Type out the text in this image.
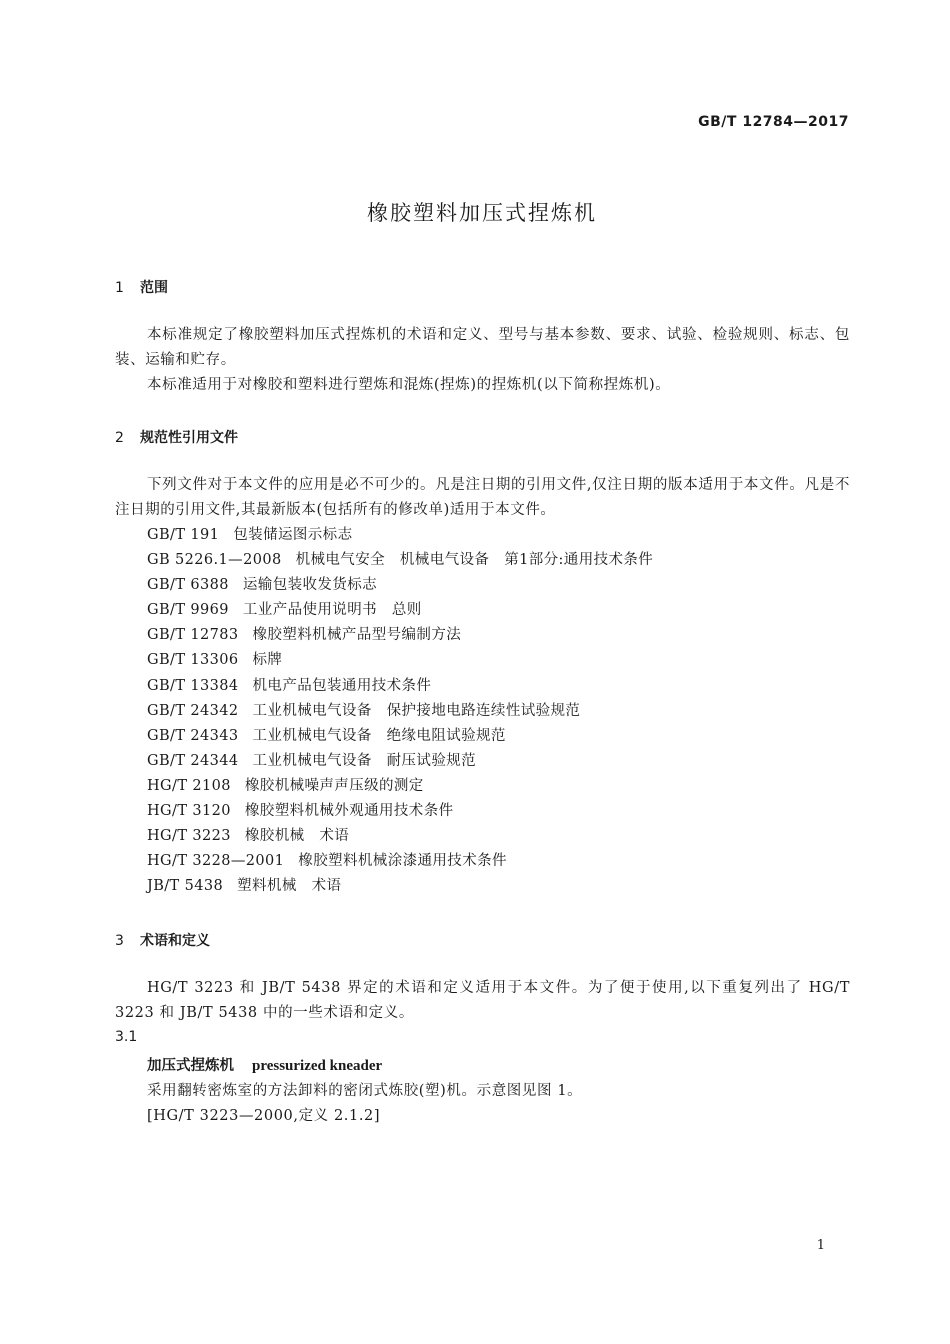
GB/T 12784—2017
橡胶塑料加压式捏炼机
1 范围
本标准规定了橡胶塑料加压式捏炼机的术语和定义、型号与基本参数、要求、试验、检验规则、标志、包装、运输和贮存。
本标准适用于对橡胶和塑料进行塑炼和混炼(捏炼)的捏炼机(以下简称捏炼机)。
2 规范性引用文件
下列文件对于本文件的应用是必不可少的。凡是注日期的引用文件,仅注日期的版本适用于本文件。凡是不注日期的引用文件,其最新版本(包括所有的修改单)适用于本文件。
GB/T 191 包装储运图示标志
GB 5226.1—2008 机械电气安全　机械电气设备　第1部分:通用技术条件
GB/T 6388 运输包装收发货标志
GB/T 9969 工业产品使用说明书　总则
GB/T 12783 橡胶塑料机械产品型号编制方法
GB/T 13306 标牌
GB/T 13384 机电产品包装通用技术条件
GB/T 24342 工业机械电气设备　保护接地电路连续性试验规范
GB/T 24343 工业机械电气设备　绝缘电阻试验规范
GB/T 24344 工业机械电气设备　耐压试验规范
HG/T 2108 橡胶机械噪声声压级的测定
HG/T 3120 橡胶塑料机械外观通用技术条件
HG/T 3223 橡胶机械　术语
HG/T 3228—2001 橡胶塑料机械涂漆通用技术条件
JB/T 5438 塑料机械　术语
3 术语和定义
HG/T 3223 和 JB/T 5438 界定的术语和定义适用于本文件。为了便于使用,以下重复列出了 HG/T 3223 和 JB/T 5438 中的一些术语和定义。
3.1
加压式捏炼机 pressurized kneader
采用翻转密炼室的方法卸料的密闭式炼胶(塑)机。示意图见图 1。
[HG/T 3223—2000,定义 2.1.2]
1
